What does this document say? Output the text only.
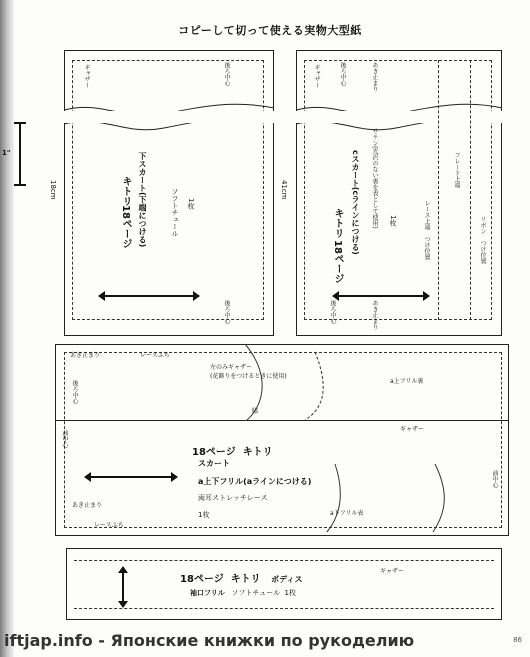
コピーして切って使える実物大型紙
1"
18cm
ギャザー	後ろ中心
後ろ中心
18ページ
キトリ 下スカート(下端につける)	ソフトチュール 1枚
41cm
ギャザー	後ろ中心	あき止まり
後ろ中心	あき止まり
18ページ
キトリ cスカート(cラインにつける) サテン(光沢のない裏を表として使用) 1枚	レース上端　つけ位置
フレード上端
リボン　つけ位置
あき止まり	レースふち
後ろ中心
左のみギャザー
(花飾りをつけるときに使用)
a上フリル裏
脇
ギャザー
前中心
18ページ キトリ
スカート
a上下フリル(aラインにつける)
両耳ストレッチレース
1枚
あき止まり
レースふち
a下フリル表
前中心
18ページ キトリ ボディス
袖口フリル ソフトチュール 1枚
ギャザー
iftjap.info - Японские книжки по рукоделию	86
